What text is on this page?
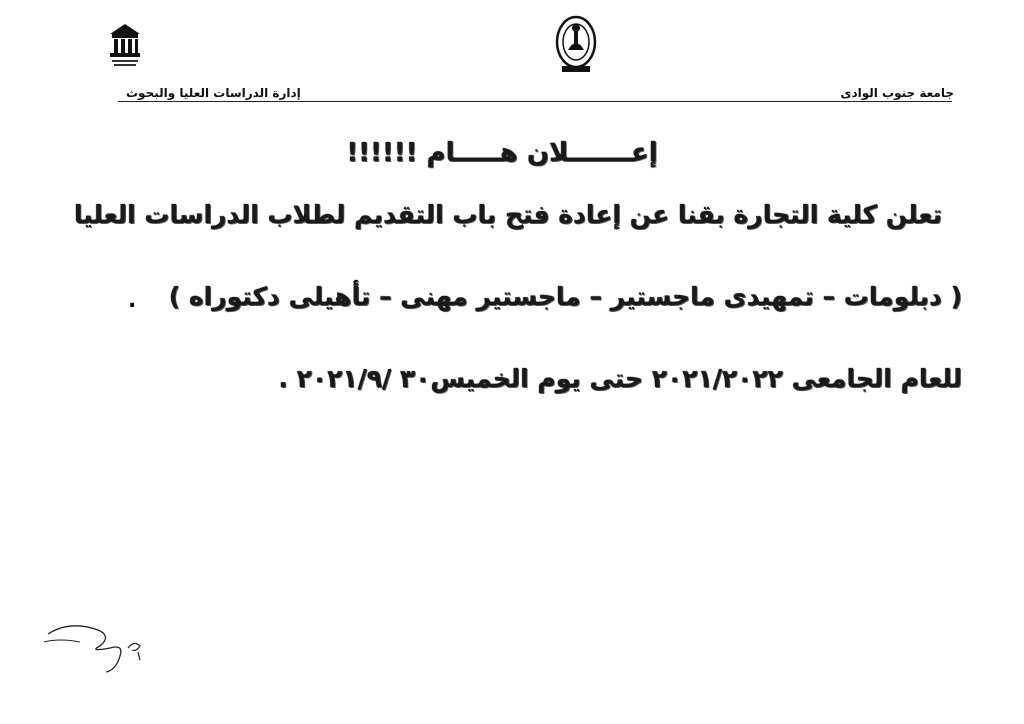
جامعة جنوب الوادى
إدارة الدراسات العليا والبحوث
إعـــــــلان هـــــام !!!!!!
تعلن كلية التجارة بقنا عن إعادة فتح باب التقديم لطلاب الدراسات العليا
( دبلومات – تمهيدى ماجستير – ماجستير مهنى – تأهيلى دكتوراه )
.
للعام الجامعى ٢٠٢١/٢٠٢٢ حتى يوم الخميس٣٠ /٢٠٢١/٩ .
